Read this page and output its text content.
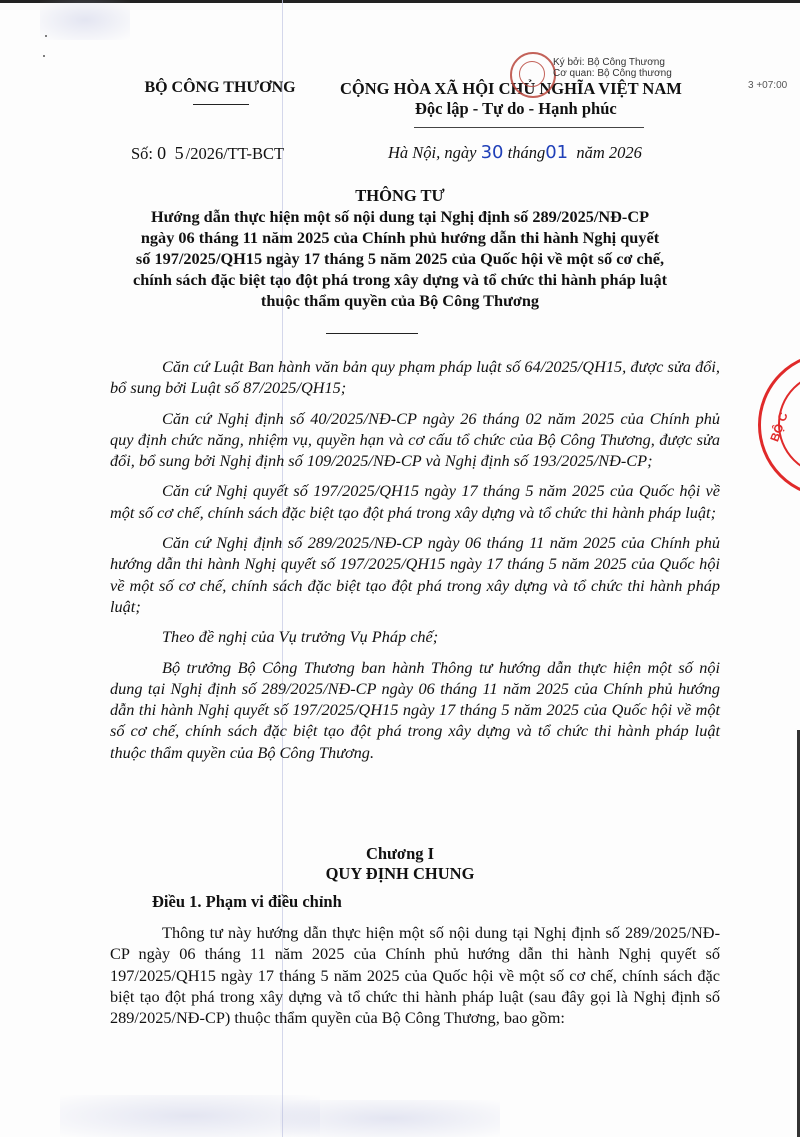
BỘ CÔNG THƯƠNG	CỘNG HÒA XÃ HỘI CHỦ NGHĨA VIỆT NAM
Độc lập - Tự do - Hạnh phúc
Ký bởi: Bộ Công Thương
Cơ quan: Bộ Công thương
3 +07:00
Số: 0 5/2026/TT-BCT	Hà Nội, ngày 30 tháng01 năm 2026
THÔNG TƯ
Hướng dẫn thực hiện một số nội dung tại Nghị định số 289/2025/NĐ-CP
ngày 06 tháng 11 năm 2025 của Chính phủ hướng dẫn thi hành Nghị quyết
số 197/2025/QH15 ngày 17 tháng 5 năm 2025 của Quốc hội về một số cơ chế,
chính sách đặc biệt tạo đột phá trong xây dựng và tổ chức thi hành pháp luật
thuộc thẩm quyền của Bộ Công Thương

Căn cứ Luật Ban hành văn bản quy phạm pháp luật số 64/2025/QH15, được sửa đổi, bổ sung bởi Luật số 87/2025/QH15;

Căn cứ Nghị định số 40/2025/NĐ-CP ngày 26 tháng 02 năm 2025 của Chính phủ quy định chức năng, nhiệm vụ, quyền hạn và cơ cấu tổ chức của Bộ Công Thương, được sửa đổi, bổ sung bởi Nghị định số 109/2025/NĐ-CP và Nghị định số 193/2025/NĐ-CP;

Căn cứ Nghị quyết số 197/2025/QH15 ngày 17 tháng 5 năm 2025 của Quốc hội về một số cơ chế, chính sách đặc biệt tạo đột phá trong xây dựng và tổ chức thi hành pháp luật;

Căn cứ Nghị định số 289/2025/NĐ-CP ngày 06 tháng 11 năm 2025 của Chính phủ hướng dẫn thi hành Nghị quyết số 197/2025/QH15 ngày 17 tháng 5 năm 2025 của Quốc hội về một số cơ chế, chính sách đặc biệt tạo đột phá trong xây dựng và tổ chức thi hành pháp luật;

Theo đề nghị của Vụ trưởng Vụ Pháp chế;

Bộ trưởng Bộ Công Thương ban hành Thông tư hướng dẫn thực hiện một số nội dung tại Nghị định số 289/2025/NĐ-CP ngày 06 tháng 11 năm 2025 của Chính phủ hướng dẫn thi hành Nghị quyết số 197/2025/QH15 ngày 17 tháng 5 năm 2025 của Quốc hội về một số cơ chế, chính sách đặc biệt tạo đột phá trong xây dựng và tổ chức thi hành pháp luật thuộc thẩm quyền của Bộ Công Thương.

Chương I
QUY ĐỊNH CHUNG
Điều 1. Phạm vi điều chỉnh

Thông tư này hướng dẫn thực hiện một số nội dung tại Nghị định số 289/2025/NĐ-CP ngày 06 tháng 11 năm 2025 của Chính phủ hướng dẫn thi hành Nghị quyết số 197/2025/QH15 ngày 17 tháng 5 năm 2025 của Quốc hội về một số cơ chế, chính sách đặc biệt tạo đột phá trong xây dựng và tổ chức thi hành pháp luật (sau đây gọi là Nghị định số 289/2025/NĐ-CP) thuộc thẩm quyền của Bộ Công Thương, bao gồm:

BỘ C
